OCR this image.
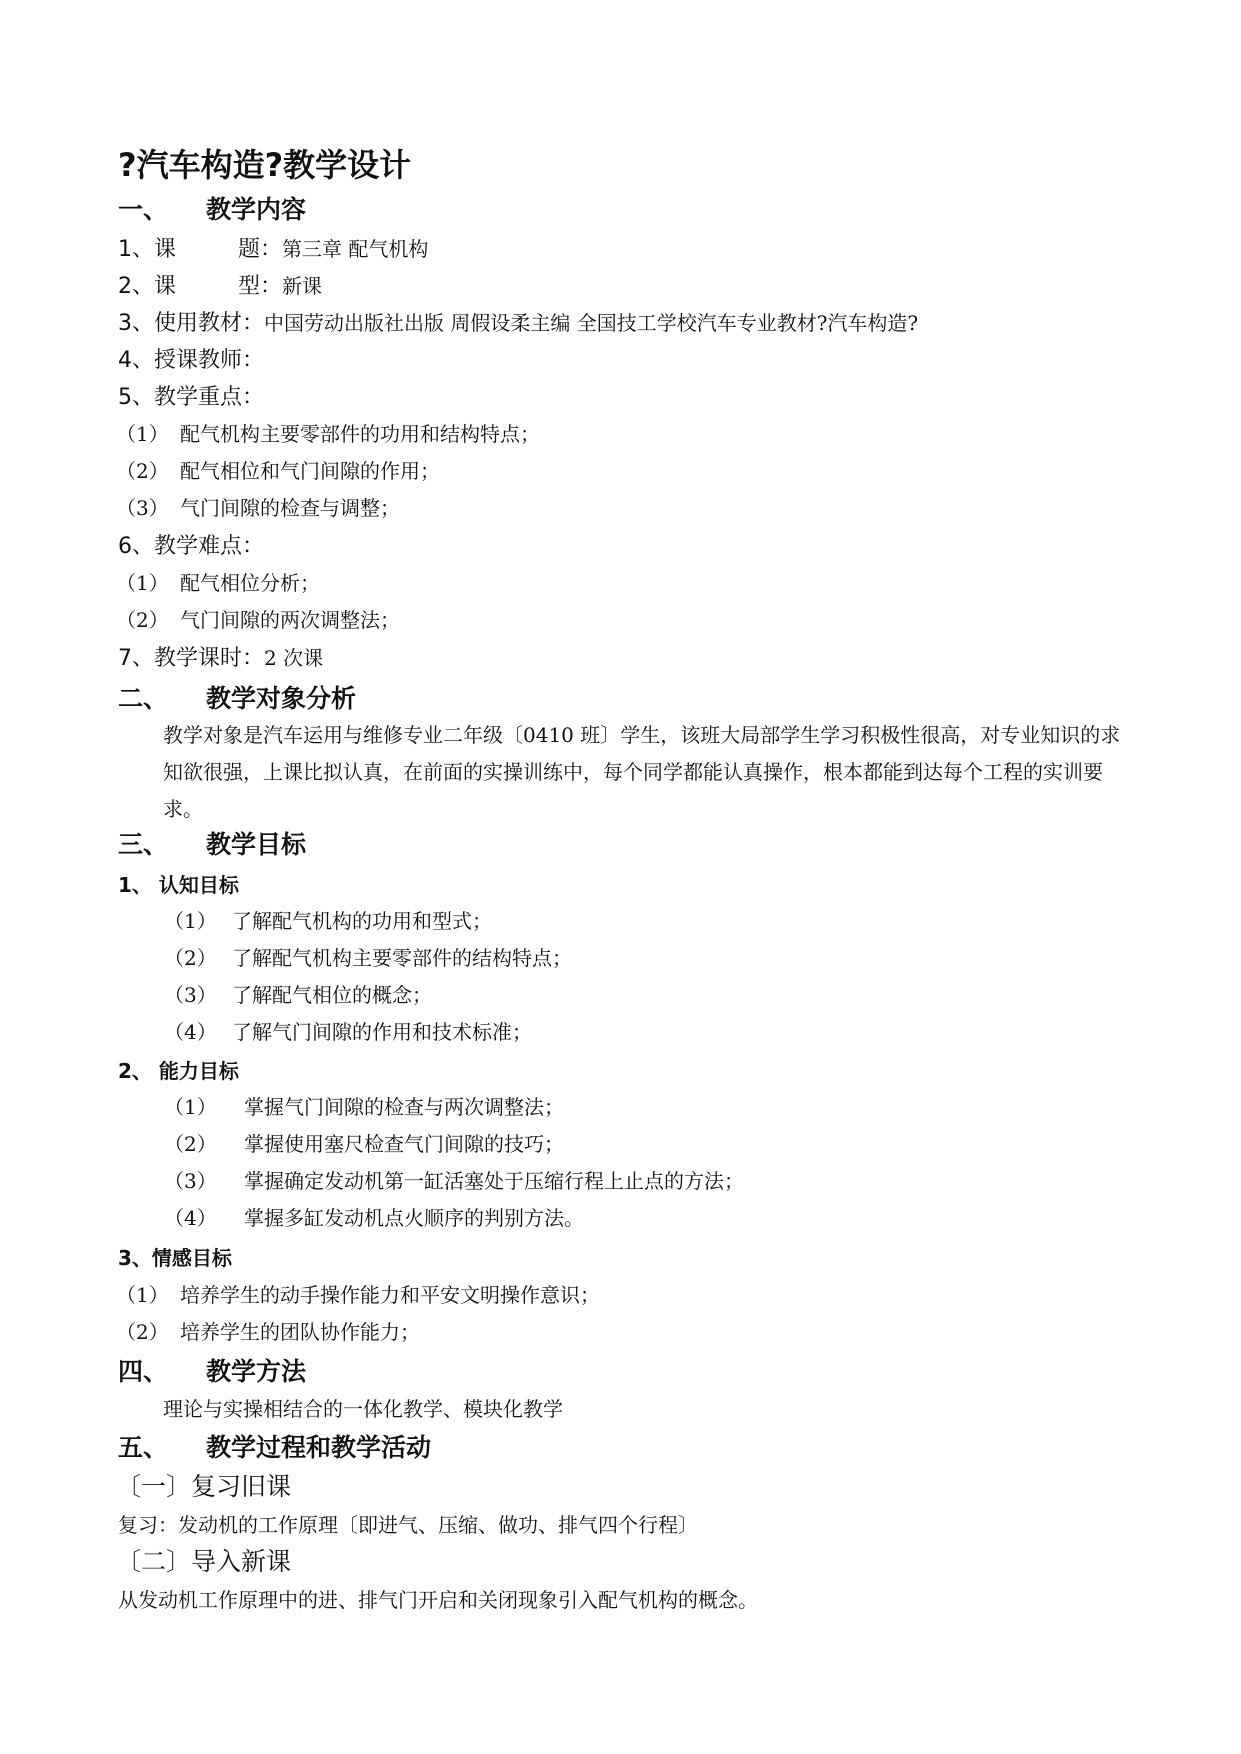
?汽车构造?教学设计
一、 教学内容
1、课	题：第三章 配气机构
2、课	型：新课
3、使用教材：中国劳动出版社出版 周假设柔主编 全国技工学校汽车专业教材?汽车构造?
4、授课教师：
5、教学重点：
（1） 配气机构主要零部件的功用和结构特点；
（2） 配气相位和气门间隙的作用；
（3） 气门间隙的检查与调整；
6、教学难点：
（1） 配气相位分析；
（2） 气门间隙的两次调整法；
7、教学课时：2 次课
二、 教学对象分析
教学对象是汽车运用与维修专业二年级〔0410 班〕学生，该班大局部学生学习积极性很高，对专业知识的求知欲很强，上课比拟认真，在前面的实操训练中，每个同学都能认真操作，根本都能到达每个工程的实训要求。
三、 教学目标
1、 认知目标
（1） 了解配气机构的功用和型式；
（2） 了解配气机构主要零部件的结构特点；
（3） 了解配气相位的概念；
（4） 了解气门间隙的作用和技术标准；
2、 能力目标
（1） 掌握气门间隙的检查与两次调整法；
（2） 掌握使用塞尺检查气门间隙的技巧；
（3） 掌握确定发动机第一缸活塞处于压缩行程上止点的方法；
（4） 掌握多缸发动机点火顺序的判别方法。
3、情感目标
（1） 培养学生的动手操作能力和平安文明操作意识；
（2） 培养学生的团队协作能力；
四、 教学方法
理论与实操相结合的一体化教学、模块化教学
五、 教学过程和教学活动
〔一〕复习旧课
复习：发动机的工作原理〔即进气、压缩、做功、排气四个行程〕
〔二〕导入新课
从发动机工作原理中的进、排气门开启和关闭现象引入配气机构的概念。
